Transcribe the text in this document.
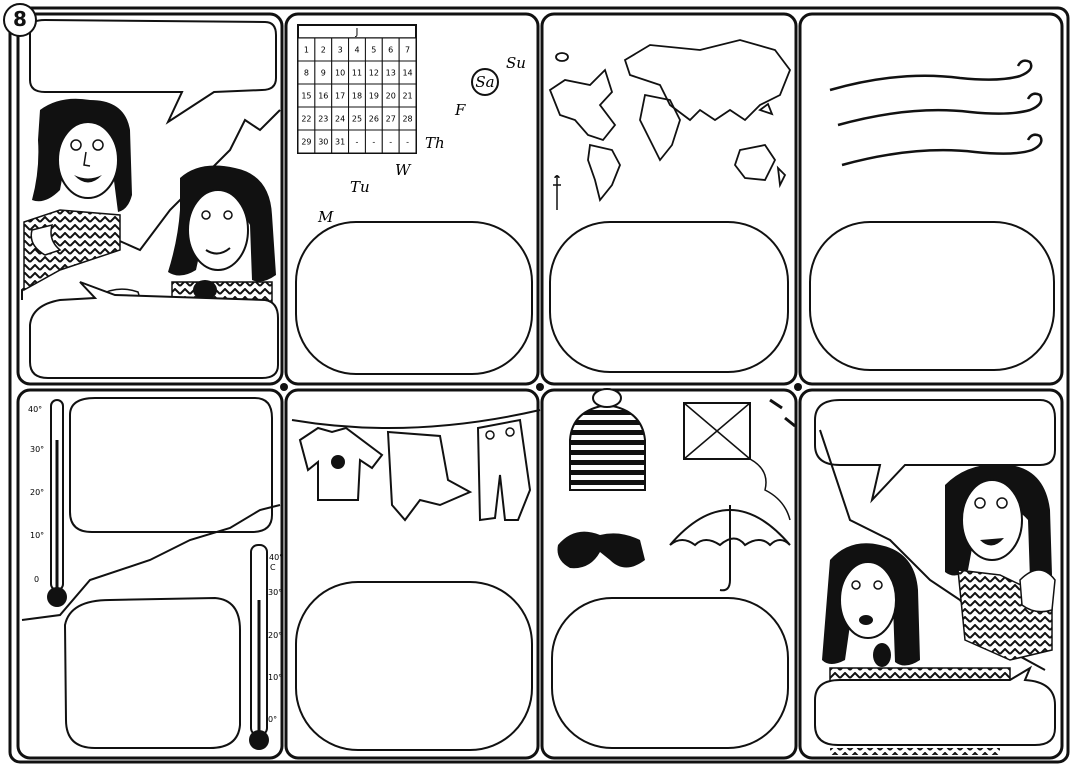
J
1 2 3 4 5 6 7
8 9 10 11 12 13 14
15 16 17 18 19 20 21
22 23 24 25 26 27 28
29 30 31 - - - -
M
Tu
W
Th
F
Sa
Su
40°
30°
20°
10°
0
C
40°
30°
20°
10°
0°
8
